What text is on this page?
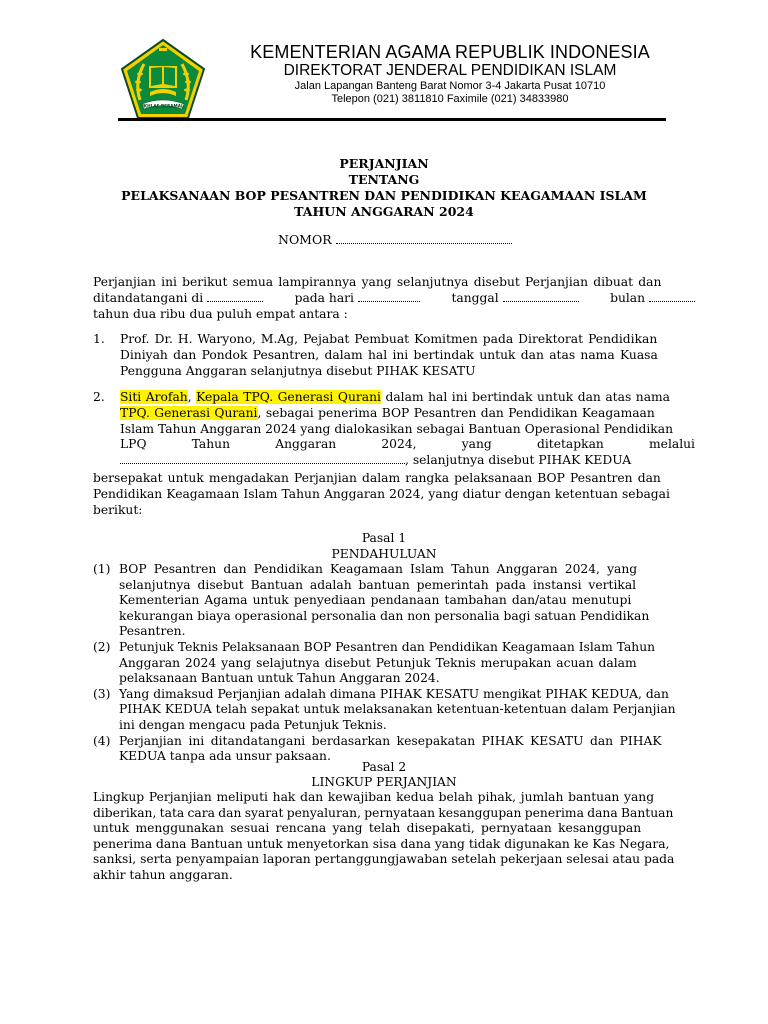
IKHLAS BERAMAL
KEMENTERIAN AGAMA REPUBLIK INDONESIA
DIREKTORAT JENDERAL PENDIDIKAN ISLAM
Jalan Lapangan Banteng Barat Nomor 3-4 Jakarta Pusat 10710
Telepon (021) 3811810 Faximile (021) 34833980
PERJANJIAN
TENTANG
PELAKSANAAN BOP PESANTREN DAN PENDIDIKAN KEAGAMAAN ISLAM
TAHUN ANGGARAN 2024
NOMOR
Perjanjian ini berikut semua lampirannya yang selanjutnya disebut Perjanjian dibuat dan
ditandatangani di	pada hari	tanggal	bulan
tahun dua ribu dua puluh empat antara :
1. Prof. Dr. H. Waryono, M.Ag, Pejabat Pembuat Komitmen pada Direktorat Pendidikan
Diniyah dan Pondok Pesantren, dalam hal ini bertindak untuk dan atas nama Kuasa
Pengguna Anggaran selanjutnya disebut PIHAK KESATU
2. Siti Arofah, Kepala TPQ. Generasi Qurani dalam hal ini bertindak untuk dan atas nama
TPQ. Generasi Qurani, sebagai penerima BOP Pesantren dan Pendidikan Keagamaan
Islam Tahun Anggaran 2024 yang dialokasikan sebagai Bantuan Operasional Pendidikan
LPQ	Tahun	Anggaran	2024,	yang	ditetapkan	melalui
, selanjutnya disebut PIHAK KEDUA
bersepakat untuk mengadakan Perjanjian dalam rangka pelaksanaan BOP Pesantren dan
Pendidikan Keagamaan Islam Tahun Anggaran 2024, yang diatur dengan ketentuan sebagai
berikut:
Pasal 1
PENDAHULUAN
(1) BOP Pesantren dan Pendidikan Keagamaan Islam Tahun Anggaran 2024, yang
selanjutnya disebut Bantuan adalah bantuan pemerintah pada instansi vertikal
Kementerian Agama untuk penyediaan pendanaan tambahan dan/atau menutupi
kekurangan biaya operasional personalia dan non personalia bagi satuan Pendidikan
Pesantren.
(2) Petunjuk Teknis Pelaksanaan BOP Pesantren dan Pendidikan Keagamaan Islam Tahun
Anggaran 2024 yang selajutnya disebut Petunjuk Teknis merupakan acuan dalam
pelaksanaan Bantuan untuk Tahun Anggaran 2024.
(3) Yang dimaksud Perjanjian adalah dimana PIHAK KESATU mengikat PIHAK KEDUA, dan
PIHAK KEDUA telah sepakat untuk melaksanakan ketentuan-ketentuan dalam Perjanjian
ini dengan mengacu pada Petunjuk Teknis.
(4) Perjanjian ini ditandatangani berdasarkan kesepakatan PIHAK KESATU dan PIHAK
KEDUA tanpa ada unsur paksaan.
Pasal 2
LINGKUP PERJANJIAN
Lingkup Perjanjian meliputi hak dan kewajiban kedua belah pihak, jumlah bantuan yang
diberikan, tata cara dan syarat penyaluran, pernyataan kesanggupan penerima dana Bantuan
untuk menggunakan sesuai rencana yang telah disepakati, pernyataan kesanggupan
penerima dana Bantuan untuk menyetorkan sisa dana yang tidak digunakan ke Kas Negara,
sanksi, serta penyampaian laporan pertanggungjawaban setelah pekerjaan selesai atau pada
akhir tahun anggaran.
